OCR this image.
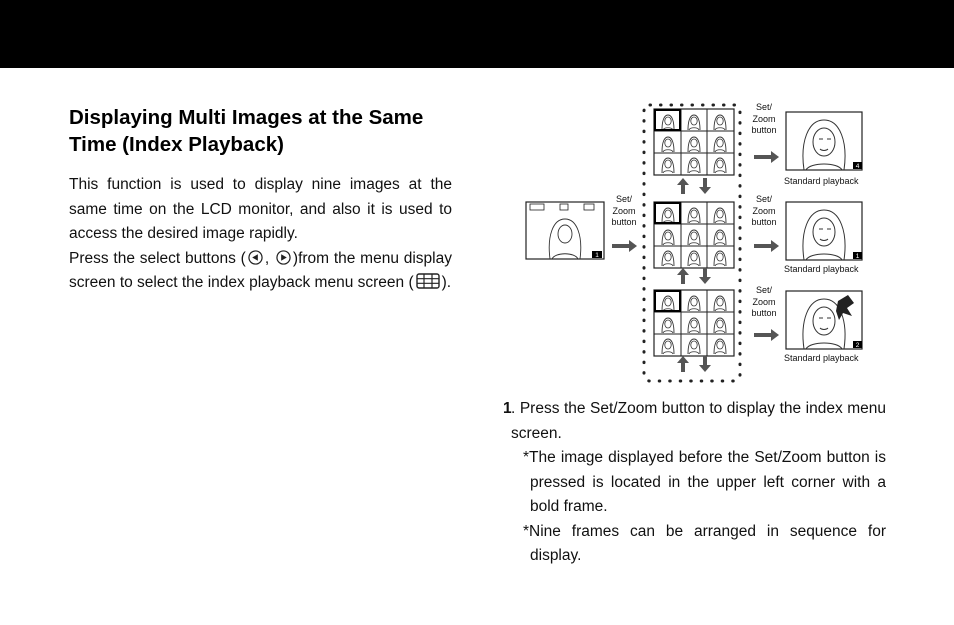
Displaying Multi Images at the Same Time (Index Playback)

This function is used to display nine images at the same time on the LCD monitor, and also it is used to access the desired image rapidly.

Press the select buttons ( , )from the menu display screen to select the index playback menu screen ( ).

1
4
1
2
Set/
Zoom
button
Set/
Zoom
button
Set/
Zoom
button
Set/
Zoom
button
Standard playback
Standard playback
Standard playback
1 . Press the Set/Zoom button to display the index menu screen.
*The image displayed before the Set/Zoom button is pressed is located in the upper left corner with a bold frame.
*Nine frames can be arranged in sequence for display.
